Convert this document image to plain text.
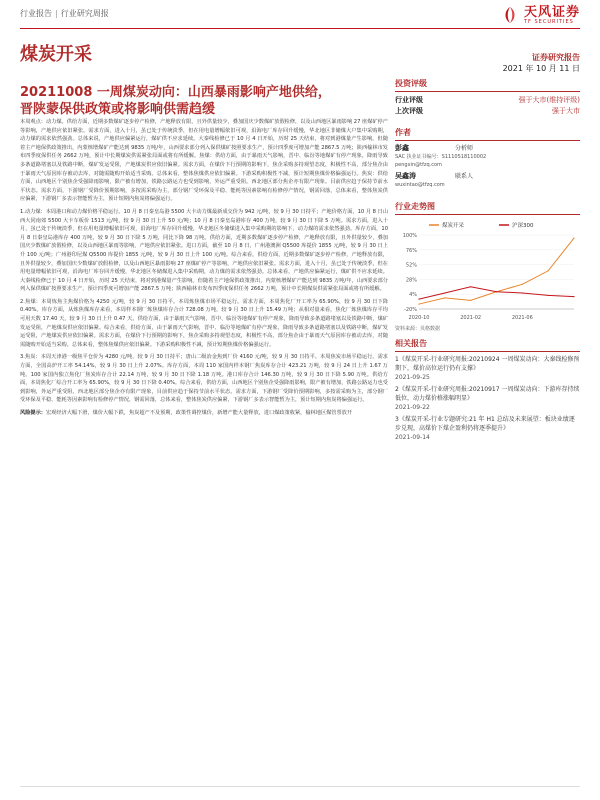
行业报告 | 行业研究周报	天风证券
TF SECURITIES
煤炭开采	证券研究报告
2021 年 10 月 11 日
20211008 一周煤炭动向：山西暴雨影响产地供给，
晋陕蒙保供政策或将影响供需趋缓

本周观点：动力煤。供给方面，近期多数煤矿逐步停产检修，产地释放有限，且外供量较少，叠加国庆少数煤矿放假检修，以及山西地区暴雨影响 27 座煤矿停产等影响，产地供应依旧紧张。需求方面，进入十月，虽已处于传统淡季，但在用电量增幅依旧可观，沿海电厂库存回升缓慢，华北地区非储煤大户集中采购期，动力煤的需求依然强劲。总体来说，产地供应偏紧运行，煤矿供不应求延续。大秦线检修已于 10 月 4 日开始，历时 25 天结束，将对到港煤量产生影响。但随着主产地保供政策推出，内蒙核增煤矿产能达到 9835 万吨/年，山西要求部分列入保供煤矿按照要求生产，预计四季度可增加产能 2867.5 万吨；陕西榆林市发布四季度保供任务 2662 万吨，预计中长期煤炭供需紧张局面或将有所缓解。焦煤：供给方面，由于暴雨天气影响，晋中、临汾等地煤矿有停产现象，降雨导致多条道路堵塞以及铁路中断，煤矿发运受阻，产地煤炭供应依旧偏紧。需求方面，在煤价下行预期的影响下，焦企采购多持观望态度，积极性不高，部分焦企由于暴雨天气原因库存被动去库，对随需随购开始适当采购。总体来看，整体焦煤供应依旧偏紧。下游采购积极性不减，预计短期焦煤价格偏强运行。焦炭：供给方面，山西地区个别焦企受强降雨影响，限产被有增加，铁路公路运力也受到影响，外运严重受阻。西北地区部分焦企亦有限产现象。目前供应趋于保持节前水平状态。需求方面，下游钢厂受降价预期影响，多按需采购为主，部分钢厂受环保及平稳、能耗等因素影响有检修停产情况，钢需回落，总体来看，整体焦炭供应偏紧，下游钢厂多表示智能暂为主，预计短期内焦炭将偏强运行。

1.动力煤：本周港口和动力煤价格平稳运行。10 月 8 日秦皇岛港 5500 大卡动力煤最新成交价为 942 元/吨，较 9 月 30 日持平；产地价格方面，10 月 8 日山西大同南郊 5500 大卡车板价 1513 元/吨，较 9 月 30 日上升 50 元/吨；10 月 8 日秦皇岛港库存 400 万吨，较 9 月 30 日下降 5 万吨。需求方面，进入十月，虽已处于传统淡季，但在用电量增幅依旧可观，沿海电厂库存回升缓慢，华北地区冬储煤进入集中采购期的影响下，动力煤的需求依然强劲。库存方面，10 月 8 日秦皇岛港库存 400 万吨，较 9 月 30 日下降 5 万吨，同比下降 98 万吨。供给方面，近期多数煤矿逐步停产检修，产地释放有限，且外供量较少，叠加国庆少数煤矿放假检修，以及山西地区暴雨等影响，产地供应依旧紧张。进口方面，截至 10 月 8 日，广州港澳洲 Q5500 库提价 1855 元/吨，较 9 月 30 日上升 100 元/吨；广州港印尼煤 Q5500 库提价 1855 元/吨，较 9 月 30 日上升 100 元/吨。综合来看，供给方面，近期多数煤矿逐步停产检修，产地释放有限，且外供量较少，叠加国庆少数煤矿放假检修，以及山西地区暴雨影响 27 座煤矿停产等影响，产地供应依旧紧张。需求方面，进入十月，虽已处于传统淡季，但在用电量增幅依旧可观，沿海电厂库存回升缓慢，华北地区冬储煤进入集中采购期，动力煤的需求依然强劲。总体来看，产地供应偏紧运行，煤矿供不应求延续。大秦线检修已于 10 月 4 日开始，历时 25 天结束，将对到港煤量产生影响。但随着主产地保供政策推出，内蒙核增煤矿产能达到 9835 万吨/年，山西要求部分列入保供煤矿按照要求生产，预计四季度可增加产能 2867.5 万吨；陕西榆林市发布四季度保供任务 2662 万吨，预计中长期煤炭供需紧张局面或将有所缓解。

2.焦煤：本周炼焦主焦煤价格为 4250 元/吨，较 9 月 30 日持平。本周炼焦煤市场平稳运行。需求方面，本周焦化厂开工率为 65.90%，较 9 月 30 日下降 0.40%。库存方面，从炼焦煤库存来看，本周样本钢厂炼焦煤库存合计 728.08 万吨，较 9 月 30 日上升 15.49 万吨；从相对量来看，焦化厂炼焦煤库存平均可用天数 17.40 天，较 9 月 30 日上升 0.47 天。供给方面，由于暴雨天气影响，晋中、临汾等地煤矿有停产现象，降雨导致多条道路堵塞以及铁路中断，煤矿发运受阻，产地煤炭供应依旧偏紧。综合来看，供给方面，由于暴雨天气影响，晋中、临汾等地煤矿有停产现象，降雨导致多条道路堵塞以及铁路中断，煤矿发运受阻，产地煤炭供应依旧偏紧。需求方面，在煤价下行预期的影响下，焦企采购多持观望态度，积极性不高，部分焦企由于暴雨天气原因库存被动去库，对随需随购开始适当采购。总体来看，整体焦煤供应依旧偏紧。下游采购积极性不减，预计短期焦煤价格偏强运行。

3.焦炭：本周天津港一级焦平仓价为 4280 元/吨，较 9 月 30 日持平；唐山二级冶金焦到厂价 4160 元/吨，较 9 月 30 日持平。本周焦炭市场平稳运行。需求方面，全国高炉开工率 54.14%，较 9 月 30 日上升 2.07%。库存方面，本周 110 家国内样本钢厂焦炭库存合计 423.21 万吨，较 9 月 24 日上升 1.67 万吨。100 家国内独立焦化厂焦炭库存合计 22.14 万吨，较 9 月 30 日下降 1.18 万吨。港口库存合计 146.30 万吨，较 9 月 30 日下降 5.90 万吨。供给方面，本周焦化厂综合开工率为 65.90%，较 9 月 30 日下降 0.40%。综合来看，供给方面，山西地区个别焦企受强降雨影响，限产被有增加，铁路公路运力也受到影响，外运严重受阻，西北地区部分焦企亦有限产现象，目前供应趋于保持节前水平状态。需求方面，下游钢厂受降价预期影响，多按需采购为主，部分钢厂受环保及平稳、能耗等因素影响有检修停产情况，钢需回落，总体来看，整体焦炭供应偏紧，下游钢厂多表示智能暂为主，预计短期内焦炭将偏强运行。

风险提示：宏观经济大幅下滑，煤价大幅下跌，焦炭超产不及预期，政策性调控煤价，新增产能大量释放，进口煤政策收紧，榆林地区煤管票放开

投资评级
行业评级	强于大市(维持评级)
上次评级	强于大市
作者
彭鑫	分析师
SAC 执业证书编号：S1110518110002
pengxin@tfzq.com
吴鑫涛	联系人
wuxintao@tfzq.com
行业走势图
-20%
4%
28%
52%
76%
100%
2020-10	2021-02	2021-06
煤炭开采	沪深300
资料来源：贝格数据
相关报告
1《煤炭开采-行业研究周报:20210924 一周煤炭动向：大秦线检修预期下，煤价高位运行仍有支撑》
2021-09-25
2《煤炭开采-行业研究周报:20210917 一周煤炭动向：下游库存持续低位，动力煤价格涨幅明显》
2021-09-22
3《煤炭开采-行业专题研究:21 年 H1 总结及未来展望：板块业绩逐步兑现，高煤价下煤企盈利仍将逐季提升》
2021-09-14
